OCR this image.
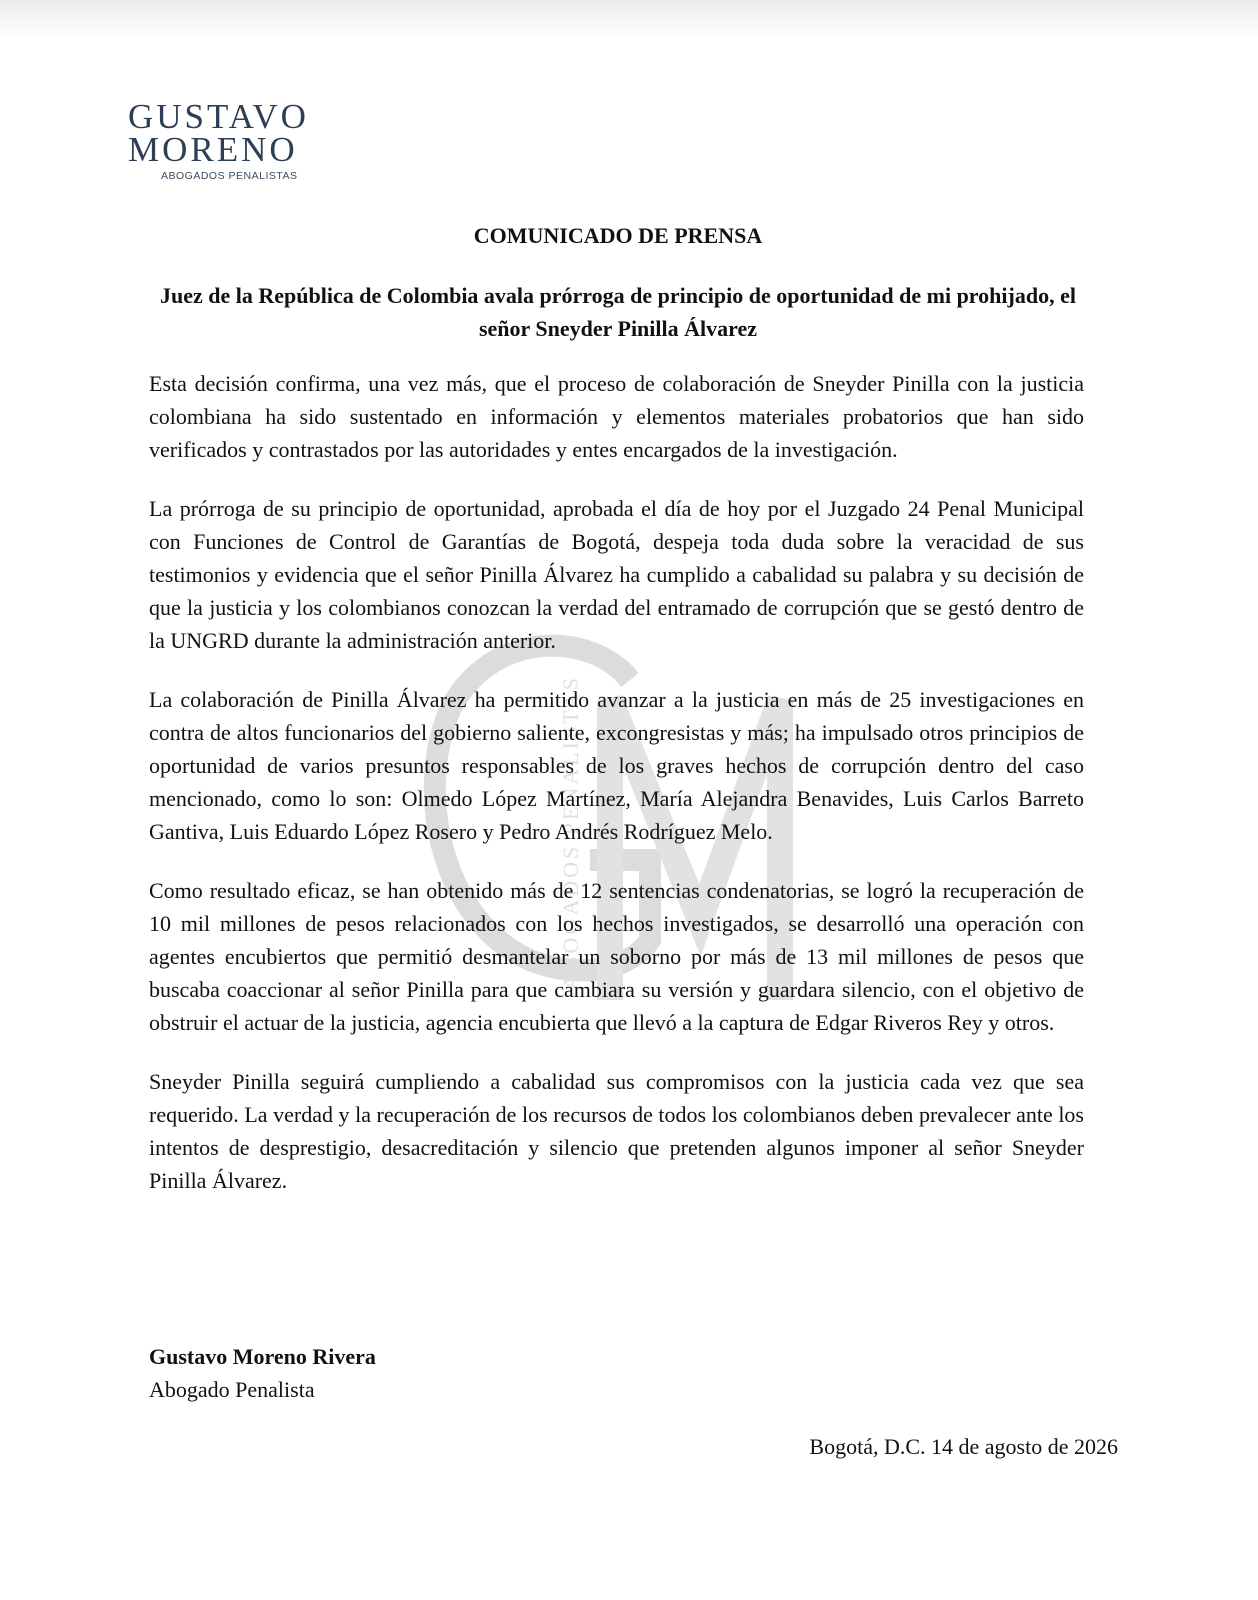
GUSTAVO
MORENO
ABOGADOS PENALISTAS
ABOGADOS PENALISTAS
COMUNICADO DE PRENSA
Juez de la República de Colombia avala prórroga de principio de oportunidad de mi prohijado, el señor Sneyder Pinilla Álvarez

Esta decisión confirma, una vez más, que el proceso de colaboración de Sneyder Pinilla con la justicia colombiana ha sido sustentado en información y elementos materiales probatorios que han sido verificados y contrastados por las autoridades y entes encargados de la investigación.

La prórroga de su principio de oportunidad, aprobada el día de hoy por el Juzgado 24 Penal Municipal con Funciones de Control de Garantías de Bogotá, despeja toda duda sobre la veracidad de sus testimonios y evidencia que el señor Pinilla Álvarez ha cumplido a cabalidad su palabra y su decisión de que la justicia y los colombianos conozcan la verdad del entramado de corrupción que se gestó dentro de la UNGRD durante la administración anterior.

La colaboración de Pinilla Álvarez ha permitido avanzar a la justicia en más de 25 investigaciones en contra de altos funcionarios del gobierno saliente, excongresistas y más; ha impulsado otros principios de oportunidad de varios presuntos responsables de los graves hechos de corrupción dentro del caso mencionado, como lo son: Olmedo López Martínez, María Alejandra Benavides, Luis Carlos Barreto Gantiva, Luis Eduardo López Rosero y Pedro Andrés Rodríguez Melo.

Como resultado eficaz, se han obtenido más de 12 sentencias condenatorias, se logró la recuperación de 10 mil millones de pesos relacionados con los hechos investigados, se desarrolló una operación con agentes encubiertos que permitió desmantelar un soborno por más de 13 mil millones de pesos que buscaba coaccionar al señor Pinilla para que cambiara su versión y guardara silencio, con el objetivo de obstruir el actuar de la justicia, agencia encubierta que llevó a la captura de Edgar Riveros Rey y otros.

Sneyder Pinilla seguirá cumpliendo a cabalidad sus compromisos con la justicia cada vez que sea requerido. La verdad y la recuperación de los recursos de todos los colombianos deben prevalecer ante los intentos de desprestigio, desacreditación y silencio que pretenden algunos imponer al señor Sneyder Pinilla Álvarez.

Gustavo Moreno Rivera
Abogado Penalista
Bogotá, D.C. 14 de agosto de 2026
